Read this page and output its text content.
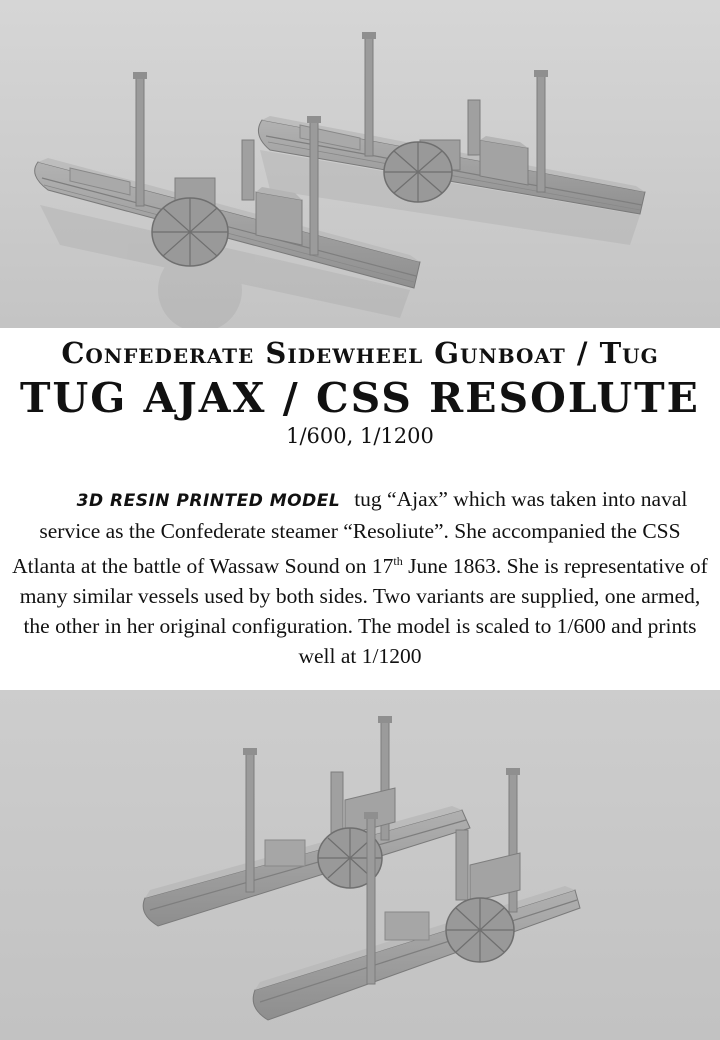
Confederate Sidewheel Gunboat / Tug
TUG AJAX / CSS RESOLUTE
1/600, 1/1200
3D RESIN PRINTED MODEL tug “Ajax” which was taken into naval service as the Confederate steamer “Resoliute”. She accompanied the CSS Atlanta at the battle of Wassaw Sound on 17th June 1863. She is representative of many similar vessels used by both sides. Two variants are supplied, one armed, the other in her original configuration. The model is scaled to 1/600 and prints well at 1/1200
